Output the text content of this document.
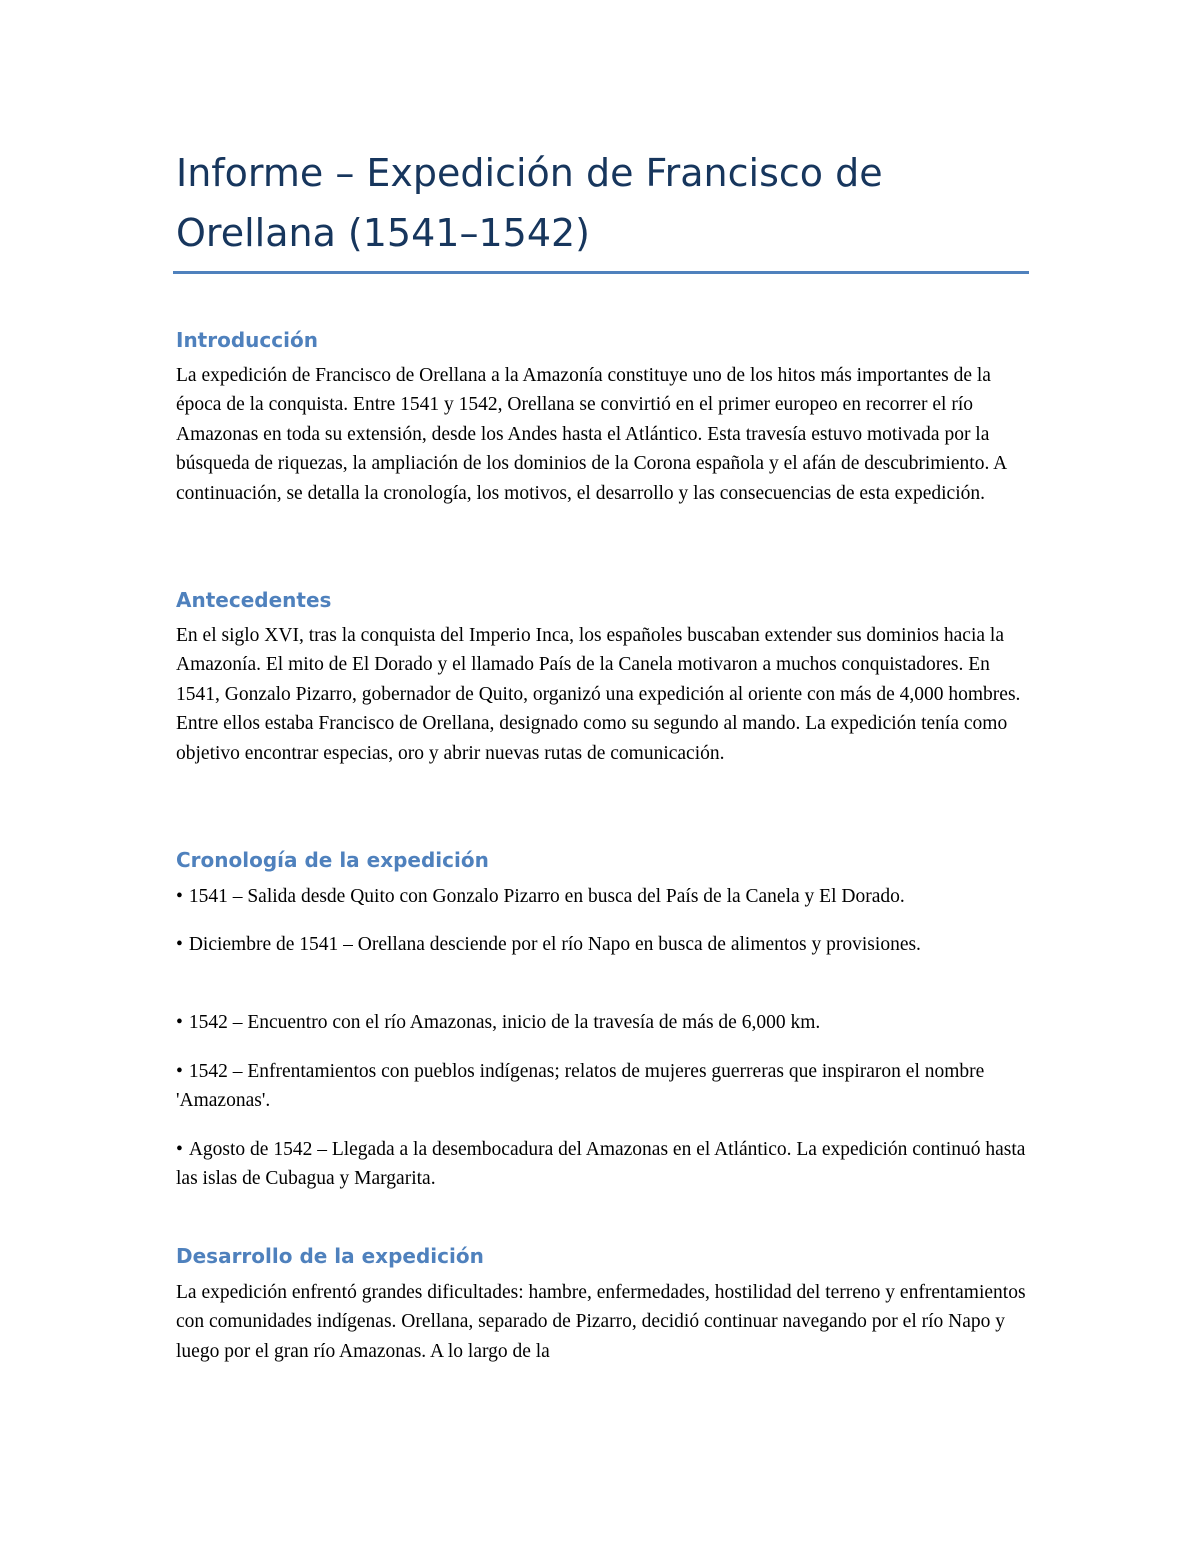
Informe – Expedición de Francisco de Orellana (1541–1542)
Introducción

La expedición de Francisco de Orellana a la Amazonía constituye uno de los hitos más importantes de la época de la conquista. Entre 1541 y 1542, Orellana se convirtió en el primer europeo en recorrer el río Amazonas en toda su extensión, desde los Andes hasta el Atlántico. Esta travesía estuvo motivada por la búsqueda de riquezas, la ampliación de los dominios de la Corona española y el afán de descubrimiento. A continuación, se detalla la cronología, los motivos, el desarrollo y las consecuencias de esta expedición.

Antecedentes

En el siglo XVI, tras la conquista del Imperio Inca, los españoles buscaban extender sus dominios hacia la Amazonía. El mito de El Dorado y el llamado País de la Canela motivaron a muchos conquistadores. En 1541, Gonzalo Pizarro, gobernador de Quito, organizó una expedición al oriente con más de 4,000 hombres. Entre ellos estaba Francisco de Orellana, designado como su segundo al mando. La expedición tenía como objetivo encontrar especias, oro y abrir nuevas rutas de comunicación.

Cronología de la expedición

• 1541 – Salida desde Quito con Gonzalo Pizarro en busca del País de la Canela y El Dorado.

• Diciembre de 1541 – Orellana desciende por el río Napo en busca de alimentos y provisiones.

• 1542 – Encuentro con el río Amazonas, inicio de la travesía de más de 6,000 km.

• 1542 – Enfrentamientos con pueblos indígenas; relatos de mujeres guerreras que inspiraron el nombre 'Amazonas'.

• Agosto de 1542 – Llegada a la desembocadura del Amazonas en el Atlántico. La expedición continuó hasta las islas de Cubagua y Margarita.

Desarrollo de la expedición

La expedición enfrentó grandes dificultades: hambre, enfermedades, hostilidad del terreno y enfrentamientos con comunidades indígenas. Orellana, separado de Pizarro, decidió continuar navegando por el río Napo y luego por el gran río Amazonas. A lo largo de la
